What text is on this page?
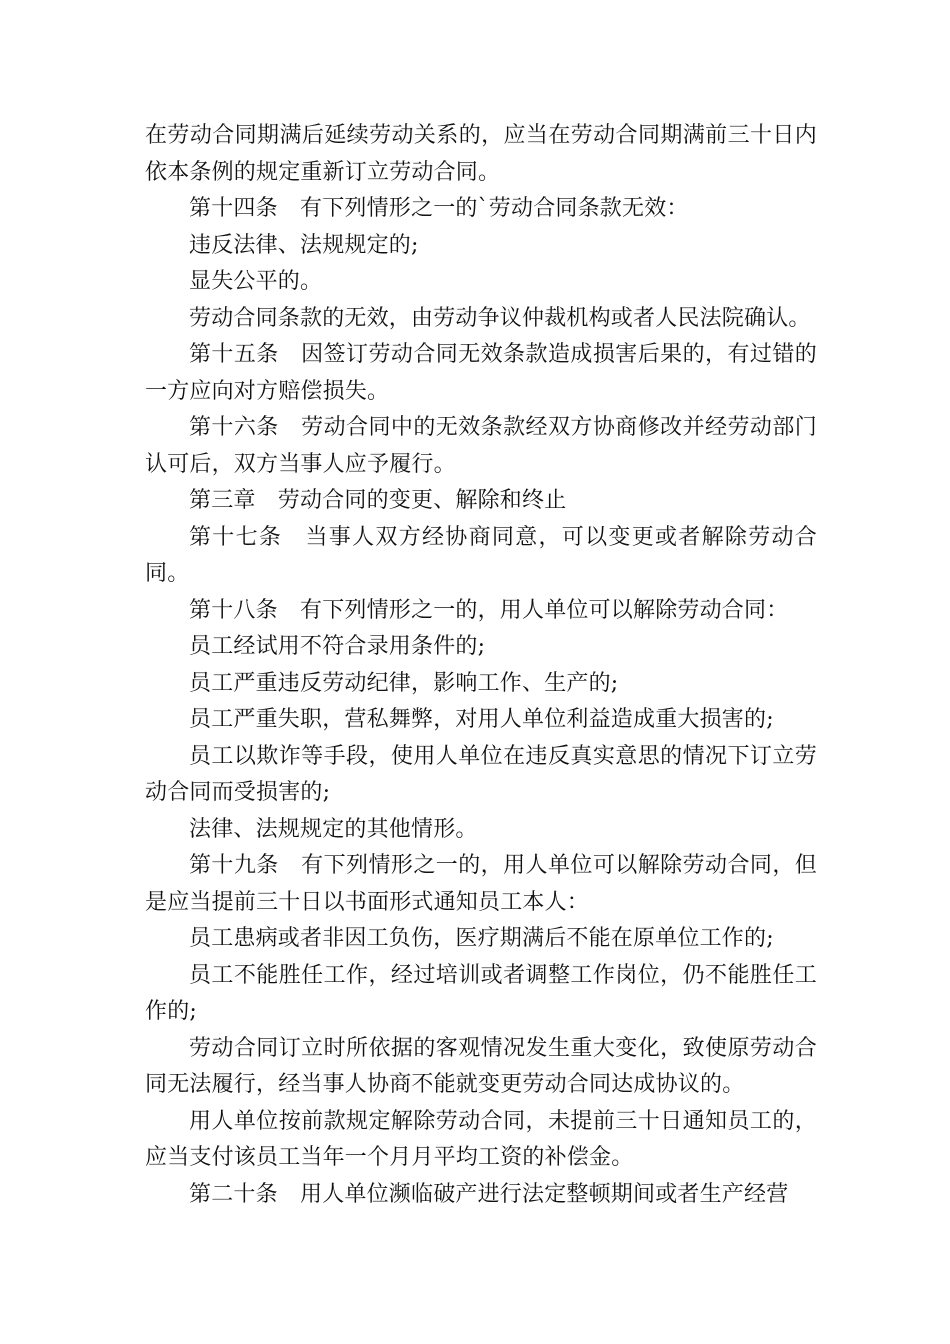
在劳动合同期满后延续劳动关系的，应当在劳动合同期满前三十日内依本条例的规定重新订立劳动合同。

第十四条　有下列情形之一的`劳动合同条款无效：

违反法律、法规规定的;

显失公平的。

劳动合同条款的无效，由劳动争议仲裁机构或者人民法院确认。

第十五条　因签订劳动合同无效条款造成损害后果的，有过错的一方应向对方赔偿损失。

第十六条　劳动合同中的无效条款经双方协商修改并经劳动部门认可后，双方当事人应予履行。

第三章　劳动合同的变更、解除和终止

第十七条　当事人双方经协商同意，可以变更或者解除劳动合同。

第十八条　有下列情形之一的，用人单位可以解除劳动合同：

员工经试用不符合录用条件的;

员工严重违反劳动纪律，影响工作、生产的;

员工严重失职，营私舞弊，对用人单位利益造成重大损害的;

员工以欺诈等手段，使用人单位在违反真实意思的情况下订立劳动合同而受损害的;

法律、法规规定的其他情形。

第十九条　有下列情形之一的，用人单位可以解除劳动合同，但是应当提前三十日以书面形式通知员工本人：

员工患病或者非因工负伤，医疗期满后不能在原单位工作的;

员工不能胜任工作，经过培训或者调整工作岗位，仍不能胜任工作的;

劳动合同订立时所依据的客观情况发生重大变化，致使原劳动合同无法履行，经当事人协商不能就变更劳动合同达成协议的。

用人单位按前款规定解除劳动合同，未提前三十日通知员工的，应当支付该员工当年一个月月平均工资的补偿金。

第二十条　用人单位濒临破产进行法定整顿期间或者生产经营
